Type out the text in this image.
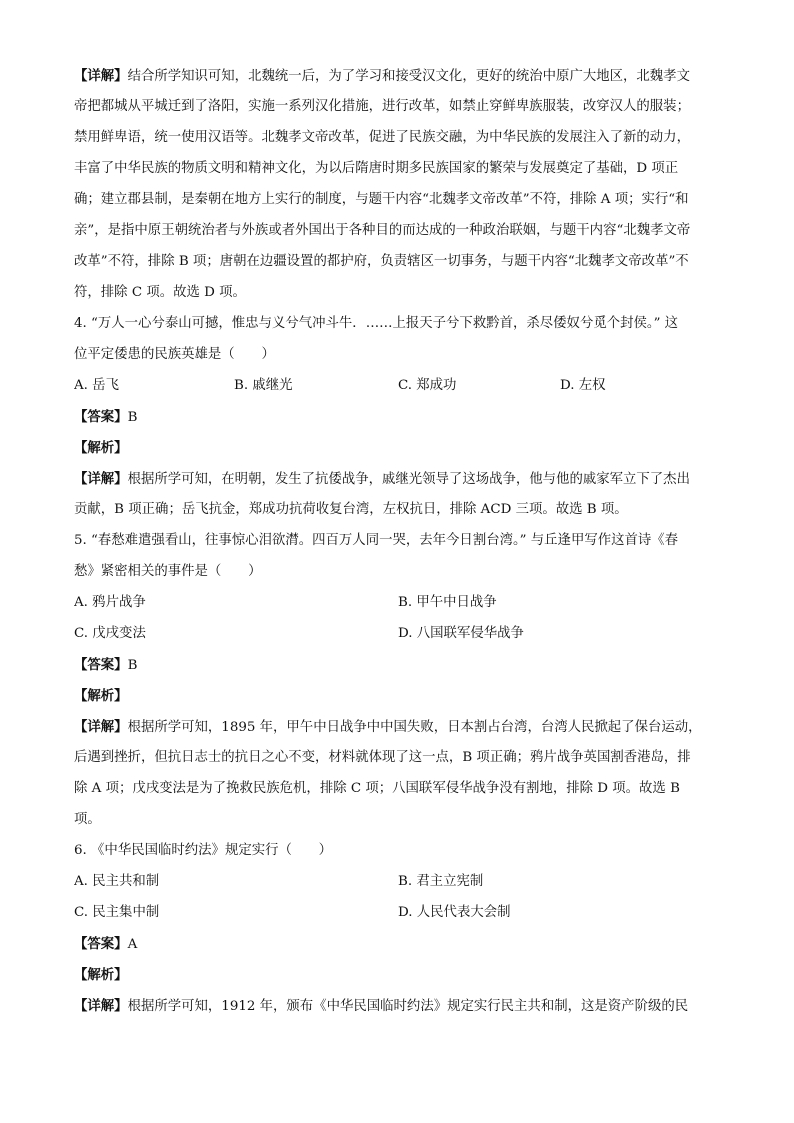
【详解】结合所学知识可知，北魏统一后，为了学习和接受汉文化，更好的统治中原广大地区，北魏孝文
帝把都城从平城迁到了洛阳，实施一系列汉化措施，进行改革，如禁止穿鲜卑族服装，改穿汉人的服装；
禁用鲜卑语，统一使用汉语等。北魏孝文帝改革，促进了民族交融，为中华民族的发展注入了新的动力，
丰富了中华民族的物质文明和精神文化，为以后隋唐时期多民族国家的繁荣与发展奠定了基础，D 项正
确；建立郡县制，是秦朝在地方上实行的制度，与题干内容“北魏孝文帝改革”不符，排除 A 项；实行“和
亲”，是指中原王朝统治者与外族或者外国出于各种目的而达成的一种政治联姻，与题干内容“北魏孝文帝
改革”不符，排除 B 项；唐朝在边疆设置的都护府，负责辖区一切事务，与题干内容“北魏孝文帝改革”不
符，排除 C 项。故选 D 项。
4. “万人一心兮泰山可撼，惟忠与义兮气冲斗牛．……上报天子兮下救黔首，杀尽倭奴兮觅个封侯。” 这
位平定倭患的民族英雄是（　　）
A. 岳飞	B. 戚继光	C. 郑成功	D. 左权
【答案】B
【解析】
【详解】根据所学可知，在明朝，发生了抗倭战争，戚继光领导了这场战争，他与他的戚家军立下了杰出
贡献，B 项正确；岳飞抗金，郑成功抗荷收复台湾，左权抗日，排除 ACD 三项。故选 B 项。
5. “春愁难遣强看山，往事惊心泪欲潸。四百万人同一哭，去年今日割台湾。” 与丘逢甲写作这首诗《春
愁》紧密相关的事件是（　　）
A. 鸦片战争	B. 甲午中日战争
C. 戊戌变法	D. 八国联军侵华战争
【答案】B
【解析】
【详解】根据所学可知，1895 年，甲午中日战争中中国失败，日本割占台湾，台湾人民掀起了保台运动，
后遇到挫折，但抗日志士的抗日之心不变，材料就体现了这一点，B 项正确；鸦片战争英国割香港岛，排
除 A 项；戊戌变法是为了挽救民族危机，排除 C 项；八国联军侵华战争没有割地，排除 D 项。故选 B
项。
6. 《中华民国临时约法》规定实行（　　）
A. 民主共和制	B. 君主立宪制
C. 民主集中制	D. 人民代表大会制
【答案】A
【解析】
【详解】根据所学可知，1912 年，颁布《中华民国临时约法》规定实行民主共和制，这是资产阶级的民
